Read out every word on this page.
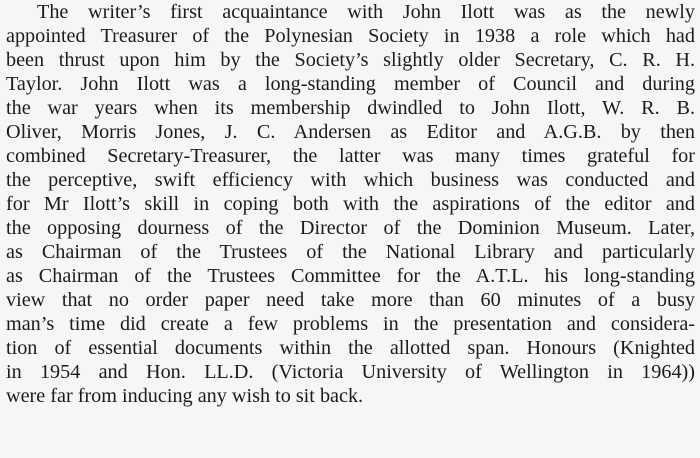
The writer’s first acquaintance with John Ilott was as the newly
appointed Treasurer of the Polynesian Society in 1938 a role which had
been thrust upon him by the Society’s slightly older Secretary, C. R. H.
Taylor. John Ilott was a long-standing member of Council and during
the war years when its membership dwindled to John Ilott, W. R. B.
Oliver, Morris Jones, J. C. Andersen as Editor and A.G.B. by then
combined Secretary-Treasurer, the latter was many times grateful for
the perceptive, swift efficiency with which business was conducted and
for Mr Ilott’s skill in coping both with the aspirations of the editor and
the opposing dourness of the Director of the Dominion Museum. Later,
as Chairman of the Trustees of the National Library and particularly
as Chairman of the Trustees Committee for the A.T.L. his long-standing
view that no order paper need take more than 60 minutes of a busy
man’s time did create a few problems in the presentation and considera-
tion of essential documents within the allotted span. Honours (Knighted
in 1954 and Hon. LL.D. (Victoria University of Wellington in 1964))
were far from inducing any wish to sit back.
